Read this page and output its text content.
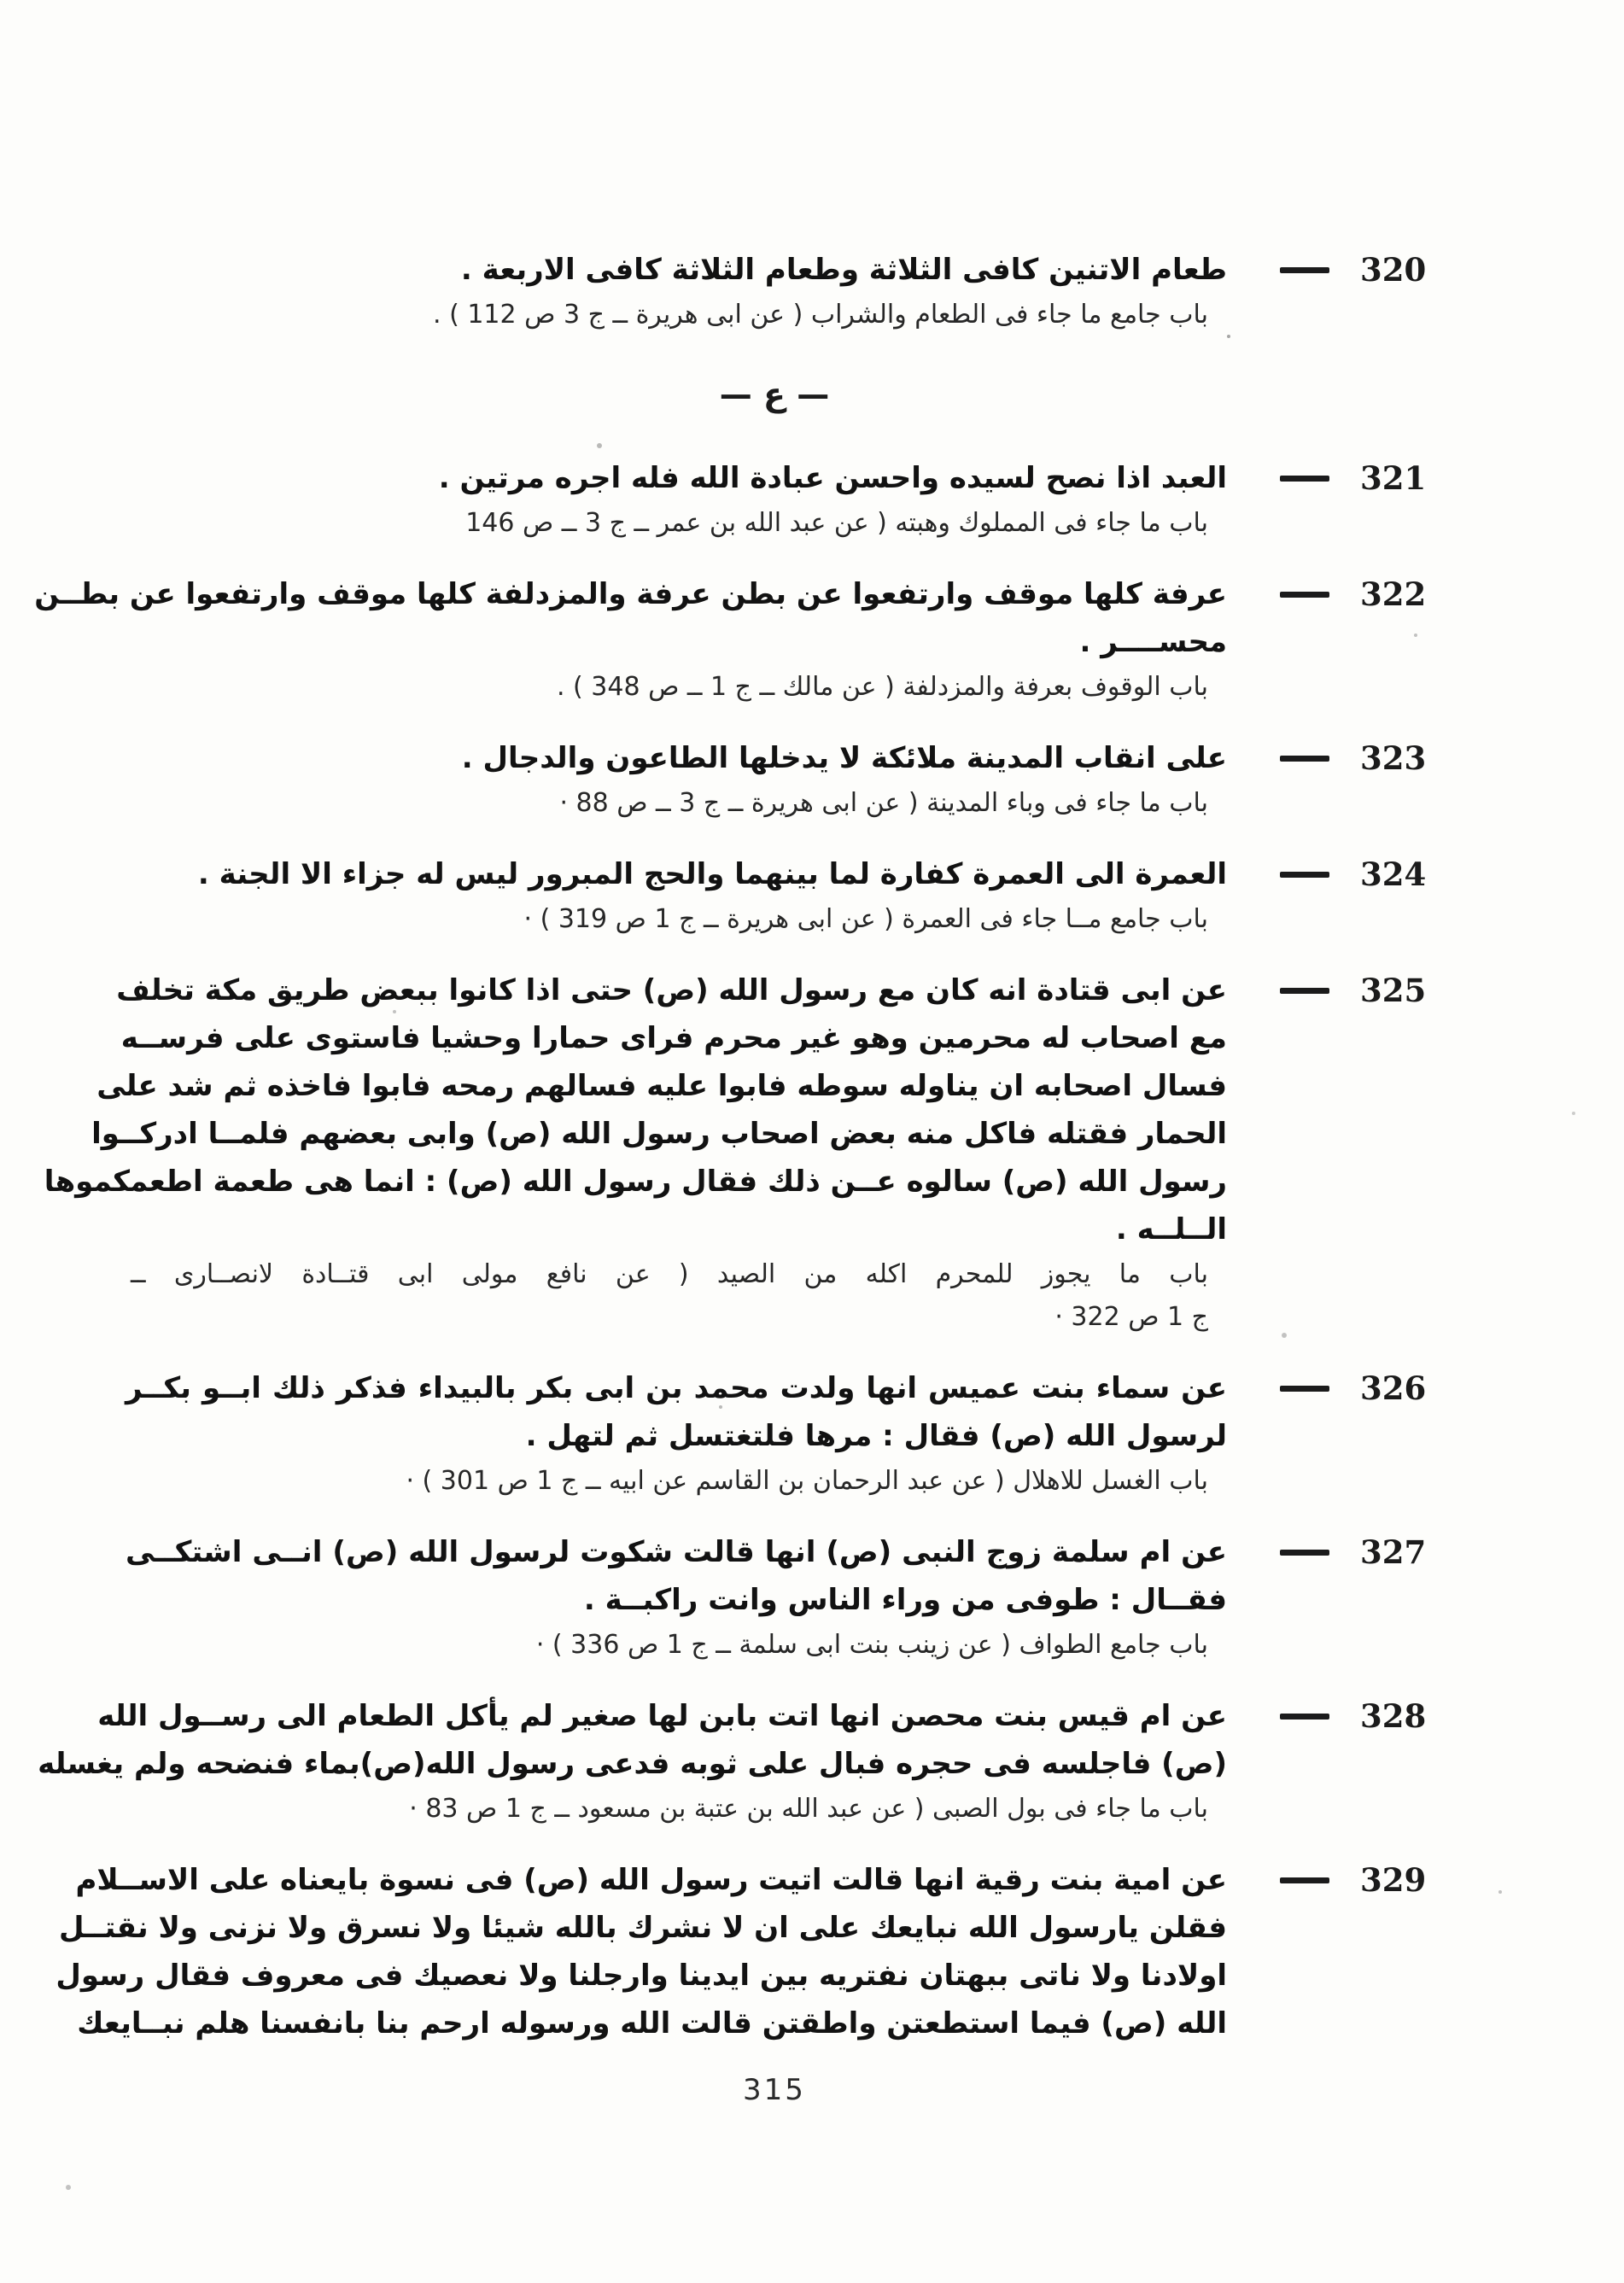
320
طعام الاتنين كافى الثلاثة وطعام الثلاثة كافى الاربعة .
باب جامع ما جاء فى الطعام والشراب ( عن ابى هريرة ــ ج 3 ص 112 ) .
— ع —
321
العبد اذا نصح لسيده واحسن عبادة الله فله اجره مرتين .
باب ما جاء فى المملوك وهبته ( عن عبد الله بن عمر ــ ج 3 ــ ص 146
322
عرفة كلها موقف وارتفعوا عن بطن عرفة والمزدلفة كلها موقف وارتفعوا عن بطــن
محســــر .
باب الوقوف بعرفة والمزدلفة ( عن مالك ــ ج 1 ــ ص 348 ) .
323
على انقاب المدينة ملائكة لا يدخلها الطاعون والدجال .
باب ما جاء فى وباء المدينة ( عن ابى هريرة ــ ج 3 ــ ص 88 ·
324
العمرة الى العمرة كفارة لما بينهما والحج المبرور ليس له جزاء الا الجنة .
باب جامع مــا جاء فى العمرة ( عن ابى هريرة ــ ج 1 ص 319 ) ·
325
عن ابى قتادة انه كان مع رسول الله (ص) حتى اذا كانوا ببعض طريق مكة تخلف
مع اصحاب له محرمين وهو غير محرم فراى حمارا وحشيا فاستوى على فرســه
فسال اصحابه ان يناوله سوطه فابوا عليه فسالهم رمحه فابوا فاخذه ثم شد على
الحمار فقتله فاكل منه بعض اصحاب رسول الله (ص) وابى بعضهم فلمــا ادركــوا
رسول الله (ص) سالوه عــن ذلك فقال رسول الله (ص) : انما هى طعمة اطعمكموها
الــلــه .
باب ما يجوز للمحرم اكله من الصيد ( عن نافع مولى ابى قتــادة لانصــارى ــ
ج 1 ص 322 ·
326
عن سماء بنت عميس انها ولدت محمد بن ابى بكر بالبيداء فذكر ذلك ابــو بكــر
لرسول الله (ص) فقال : مرها فلتغتسل ثم لتهل .
باب الغسل للاهلال ( عن عبد الرحمان بن القاسم عن ابيه ــ ج 1 ص 301 ) ·
327
عن ام سلمة زوج النبى (ص) انها قالت شكوت لرسول الله (ص) انــى اشتكــى
فقــال : طوفى من وراء الناس وانت راكبــة .
باب جامع الطواف ( عن زينب بنت ابى سلمة ــ ج 1 ص 336 ) ·
328
عن ام قيس بنت محصن انها اتت بابن لها صغير لم يأكل الطعام الى رســول الله
(ص) فاجلسه فى حجره فبال على ثوبه فدعى رسول الله(ص)بماء فنضحه ولم يغسله
باب ما جاء فى بول الصبى ( عن عبد الله بن عتبة بن مسعود ــ ج 1 ص 83 ·
329
عن امية بنت رقية انها قالت اتيت رسول الله (ص) فى نسوة بايعناه على الاســلام
فقلن يارسول الله نبايعك على ان لا نشرك بالله شيئا ولا نسرق ولا نزنى ولا نقتــل
اولادنا ولا ناتى ببهتان نفتريه بين ايدينا وارجلنا ولا نعصيك فى معروف فقال رسول
الله (ص) فيما استطعتن واطقتن قالت الله ورسوله ارحم بنا بانفسنا هلم نبــايعك
315
